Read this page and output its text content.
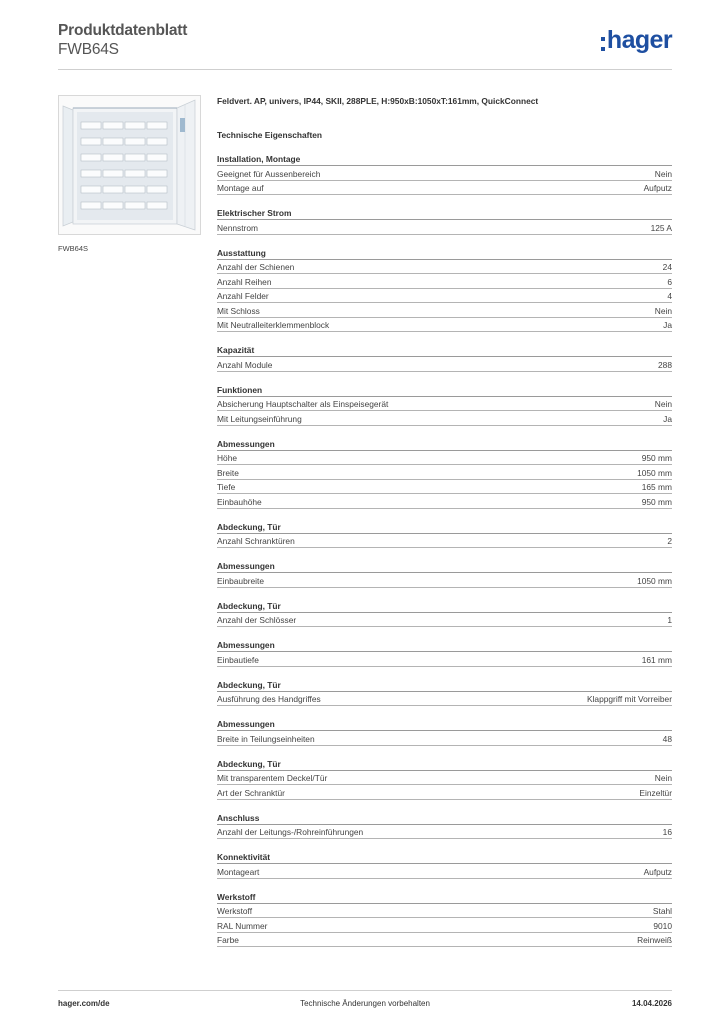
Produktdatenblatt
FWB64S	hager
FWB64S
Feldvert. AP, univers, IP44, SKII, 288PLE, H:950xB:1050xT:161mm, QuickConnect
Technische Eigenschaften
Installation, Montage
Geeignet für Aussenbereich	Nein
Montage auf	Aufputz
Elektrischer Strom
Nennstrom	125 A
Ausstattung
Anzahl der Schienen	24
Anzahl Reihen	6
Anzahl Felder	4
Mit Schloss	Nein
Mit Neutralleiterklemmenblock	Ja
Kapazität
Anzahl Module	288
Funktionen
Absicherung Hauptschalter als Einspeisegerät	Nein
Mit Leitungseinführung	Ja
Abmessungen
Höhe	950 mm
Breite	1050 mm
Tiefe	165 mm
Einbauhöhe	950 mm
Abdeckung, Tür
Anzahl Schranktüren	2
Abmessungen
Einbaubreite	1050 mm
Abdeckung, Tür
Anzahl der Schlösser	1
Abmessungen
Einbautiefe	161 mm
Abdeckung, Tür
Ausführung des Handgriffes	Klappgriff mit Vorreiber
Abmessungen
Breite in Teilungseinheiten	48
Abdeckung, Tür
Mit transparentem Deckel/Tür	Nein
Art der Schranktür	Einzeltür
Anschluss
Anzahl der Leitungs-/Rohreinführungen	16
Konnektivität
Montageart	Aufputz
Werkstoff
Werkstoff	Stahl
RAL Nummer	9010
Farbe	Reinweiß
Technische Änderungen vorbehalten
hager.com/de	14.04.2026
